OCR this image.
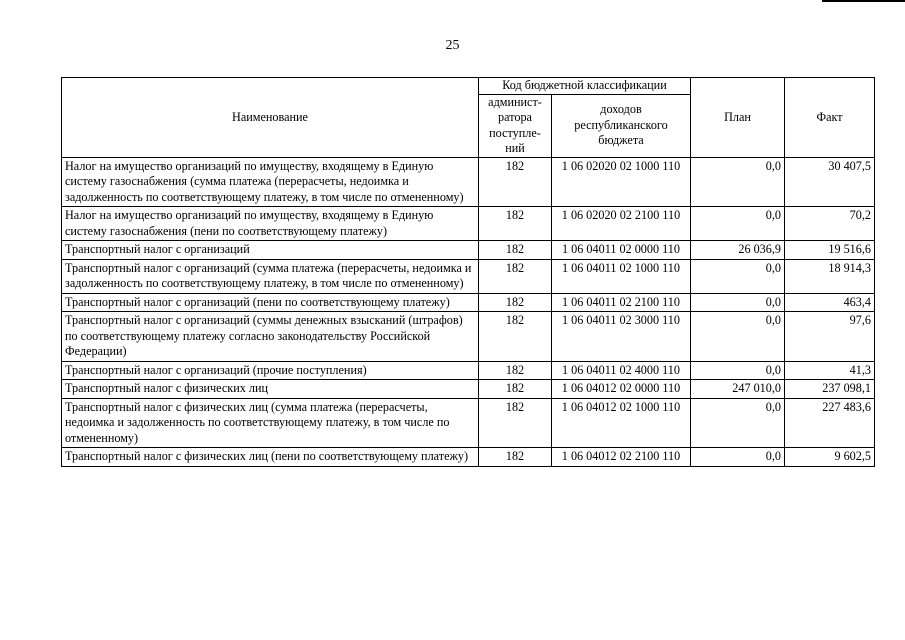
25
Наименование	Код бюджетной классификации		План	Факт
	админист-ратора поступле-ний	доходов республиканского бюджета		
Налог на имущество организаций по имуществу, входящему в Единую систему газоснабжения (сумма платежа (перерасчеты, недоимка и задолженность по соответствующему платежу, в том числе по отмененному)	182	1 06 02020 02 1000 110	0,0	30 407,5
Налог на имущество организаций по имуществу, входящему в Единую систему газоснабжения (пени по соответствующему платежу)	182	1 06 02020 02 2100 110	0,0	70,2
Транспортный налог с организаций	182	1 06 04011 02 0000 110	26 036,9	19 516,6
Транспортный налог с организаций (сумма платежа (перерасчеты, недоимка и задолженность по соответствующему платежу, в том числе по отмененному)	182	1 06 04011 02 1000 110	0,0	18 914,3
Транспортный налог с организаций (пени по соответствующему платежу)	182	1 06 04011 02 2100 110	0,0	463,4
Транспортный налог с организаций (суммы денежных взысканий (штрафов) по соответствующему платежу согласно законодательству Российской Федерации)	182	1 06 04011 02 3000 110	0,0	97,6
Транспортный налог с организаций (прочие поступления)	182	1 06 04011 02 4000 110	0,0	41,3
Транспортный налог с физических лиц	182	1 06 04012 02 0000 110	247 010,0	237 098,1
Транспортный налог с физических лиц (сумма платежа (перерасчеты, недоимка и задолженность по соответствующему платежу, в том числе по отмененному)	182	1 06 04012 02 1000 110	0,0	227 483,6
Транспортный налог с физических лиц (пени по соответствующему платежу)	182	1 06 04012 02 2100 110	0,0	9 602,5
